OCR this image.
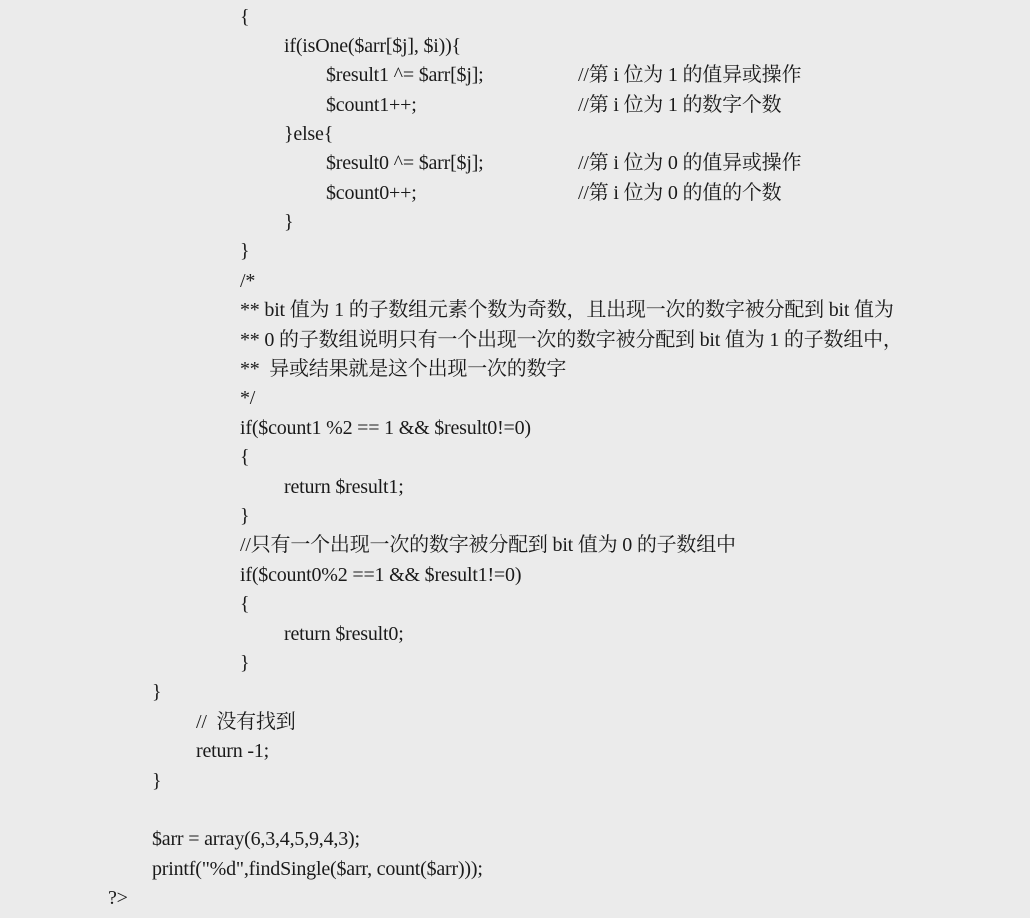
{
if(isOne($arr[$j], $i)){
$result1 ^= $arr[$j];	//第 i 位为 1 的值异或操作
$count1++;	//第 i 位为 1 的数字个数
}else{
$result0 ^= $arr[$j];	//第 i 位为 0 的值异或操作
$count0++;	//第 i 位为 0 的值的个数
}
}
/*
** bit 值为 1 的子数组元素个数为奇数，且出现一次的数字被分配到 bit 值为
** 0 的子数组说明只有一个出现一次的数字被分配到 bit 值为 1 的子数组中，
**  异或结果就是这个出现一次的数字
*/
if($count1 %2 == 1 && $result0!=0)
{
return $result1;
}
//只有一个出现一次的数字被分配到 bit 值为 0 的子数组中
if($count0%2 ==1 && $result1!=0)
{
return $result0;
}
}
//  没有找到
return -1;
}
$arr = array(6,3,4,5,9,4,3);
printf("%d",findSingle($arr, count($arr)));
?>
